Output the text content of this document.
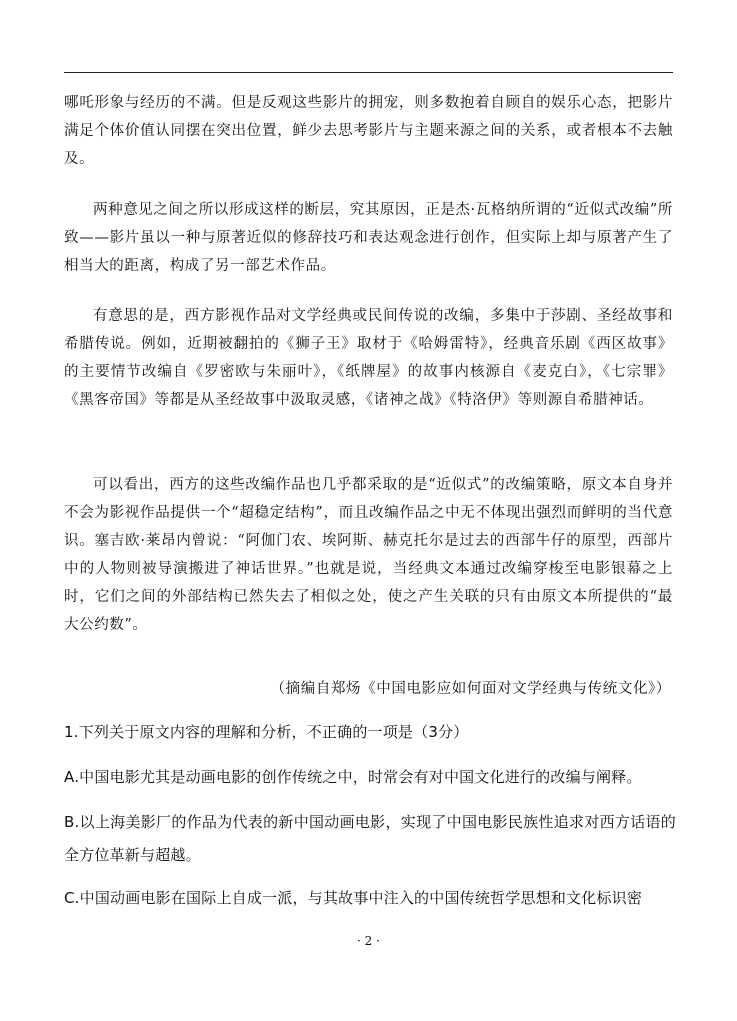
哪吒形象与经历的不满。但是反观这些影片的拥宠，则多数抱着自顾自的娱乐心态，把影片满足个体价值认同摆在突出位置，鲜少去思考影片与主题来源之间的关系，或者根本不去触及。

两种意见之间之所以形成这样的断层，究其原因，正是杰·瓦格纳所谓的“近似式改编”所致——影片虽以一种与原著近似的修辞技巧和表达观念进行创作，但实际上却与原著产生了相当大的距离，构成了另一部艺术作品。

有意思的是，西方影视作品对文学经典或民间传说的改编，多集中于莎剧、圣经故事和希腊传说。例如，近期被翻拍的《狮子王》取材于《哈姆雷特》，经典音乐剧《西区故事》的主要情节改编自《罗密欧与朱丽叶》，《纸牌屋》的故事内核源自《麦克白》，《七宗罪》《黑客帝国》等都是从圣经故事中汲取灵感，《诸神之战》《特洛伊》等则源自希腊神话。

可以看出，西方的这些改编作品也几乎都采取的是“近似式”的改编策略，原文本自身并不会为影视作品提供一个“超稳定结构”，而且改编作品之中无不体现出强烈而鲜明的当代意识。塞吉欧·莱昂内曾说：“阿伽门农、埃阿斯、赫克托尔是过去的西部牛仔的原型，西部片中的人物则被导演搬进了神话世界。”也就是说，当经典文本通过改编穿梭至电影银幕之上时，它们之间的外部结构已然失去了相似之处，使之产生关联的只有由原文本所提供的“最大公约数”。

（摘编自郑炀《中国电影应如何面对文学经典与传统文化》）

1.下列关于原文内容的理解和分析，不正确的一项是（3分）

A.中国电影尤其是动画电影的创作传统之中，时常会有对中国文化进行的改编与阐释。

B.以上海美影厂的作品为代表的新中国动画电影，实现了中国电影民族性追求对西方话语的全方位革新与超越。

C.中国动画电影在国际上自成一派，与其故事中注入的中国传统哲学思想和文化标识密

· 2 ·
